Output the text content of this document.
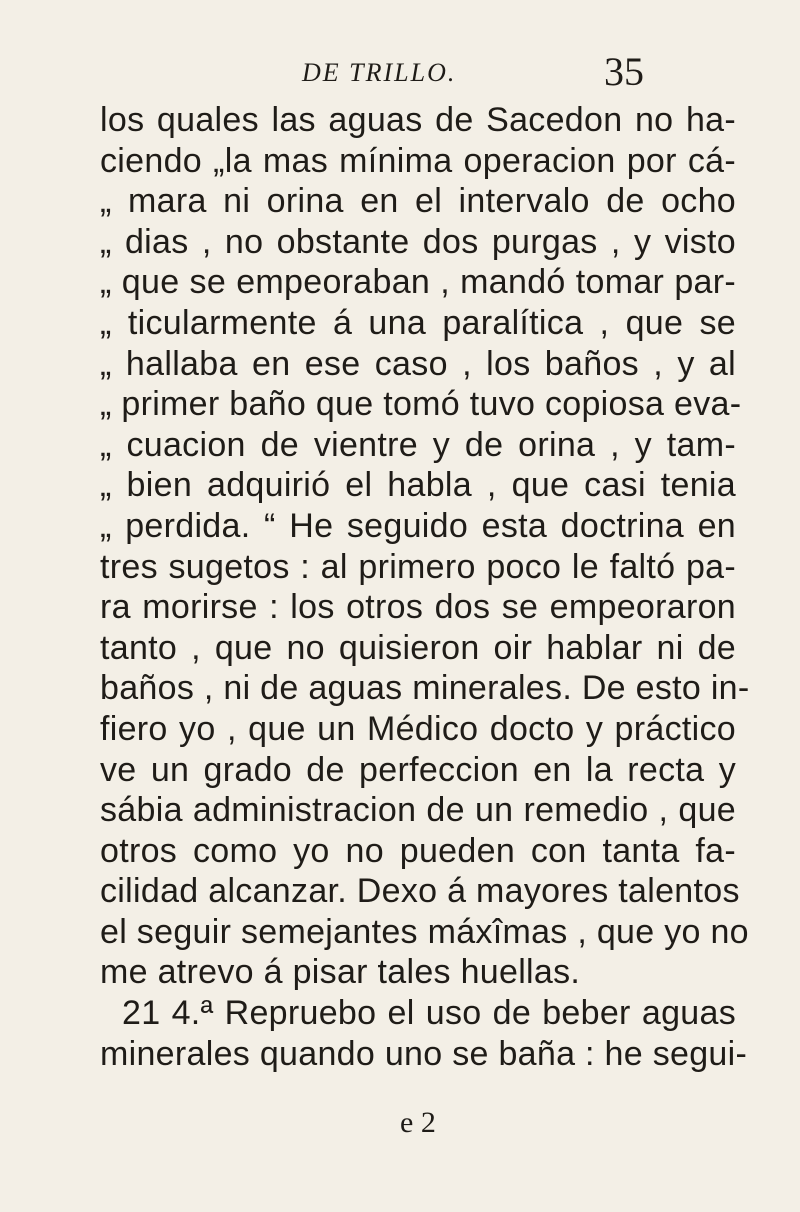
DE TRILLO.	35
los quales las aguas de Sacedon no ha-
ciendo „la mas mínima operacion por cá-
„ mara ni orina en el intervalo de ocho
„ dias , no obstante dos purgas , y visto
„ que se empeoraban , mandó tomar par-
„ ticularmente á una paralítica , que se
„ hallaba en ese caso , los baños , y al
„ primer baño que tomó tuvo copiosa eva-
„ cuacion de vientre y de orina , y tam-
„ bien adquirió el habla , que casi tenia
„ perdida. “ He seguido esta doctrina en
tres sugetos : al primero poco le faltó pa-
ra morirse : los otros dos se empeoraron
tanto , que no quisieron oir hablar ni de
baños , ni de aguas minerales. De esto in-
fiero yo , que un Médico docto y práctico
ve un grado de perfeccion en la recta y
sábia administracion de un remedio , que
otros como yo no pueden con tanta fa-
cilidad alcanzar. Dexo á mayores talentos
el seguir semejantes máxîmas , que yo no
me atrevo á pisar tales huellas.
21 4.ª Repruebo el uso de beber aguas
minerales quando uno se baña : he segui-
e 2
